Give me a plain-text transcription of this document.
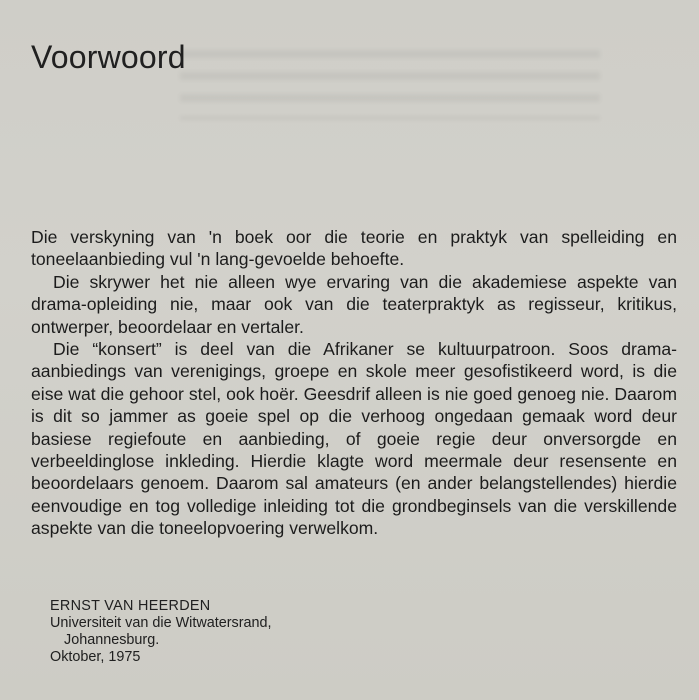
Voorwoord

Die verskyning van 'n boek oor die teorie en praktyk van spelleiding en toneelaanbieding vul 'n lang-gevoelde behoefte.

Die skrywer het nie alleen wye ervaring van die akademiese aspekte van drama-opleiding nie, maar ook van die teaterpraktyk as regisseur, kritikus, ontwerper, beoordelaar en vertaler.

Die “konsert” is deel van die Afrikaner se kultuurpatroon. Soos drama-aanbiedings van verenigings, groepe en skole meer gesofistikeerd word, is die eise wat die gehoor stel, ook hoër. Geesdrif alleen is nie goed genoeg nie. Daarom is dit so jammer as goeie spel op die verhoog ongedaan gemaak word deur basiese regiefoute en aanbieding, of goeie regie deur onversorgde en verbeeldinglose inkleding. Hierdie klagte word meermale deur resensente en beoordelaars genoem. Daarom sal amateurs (en ander belangstellendes) hierdie eenvoudige en tog volledige inleiding tot die grondbeginsels van die verskillende aspekte van die toneelopvoering verwelkom.

ERNST VAN HEERDEN
Universiteit van die Witwatersrand,
Johannesburg.
Oktober, 1975
